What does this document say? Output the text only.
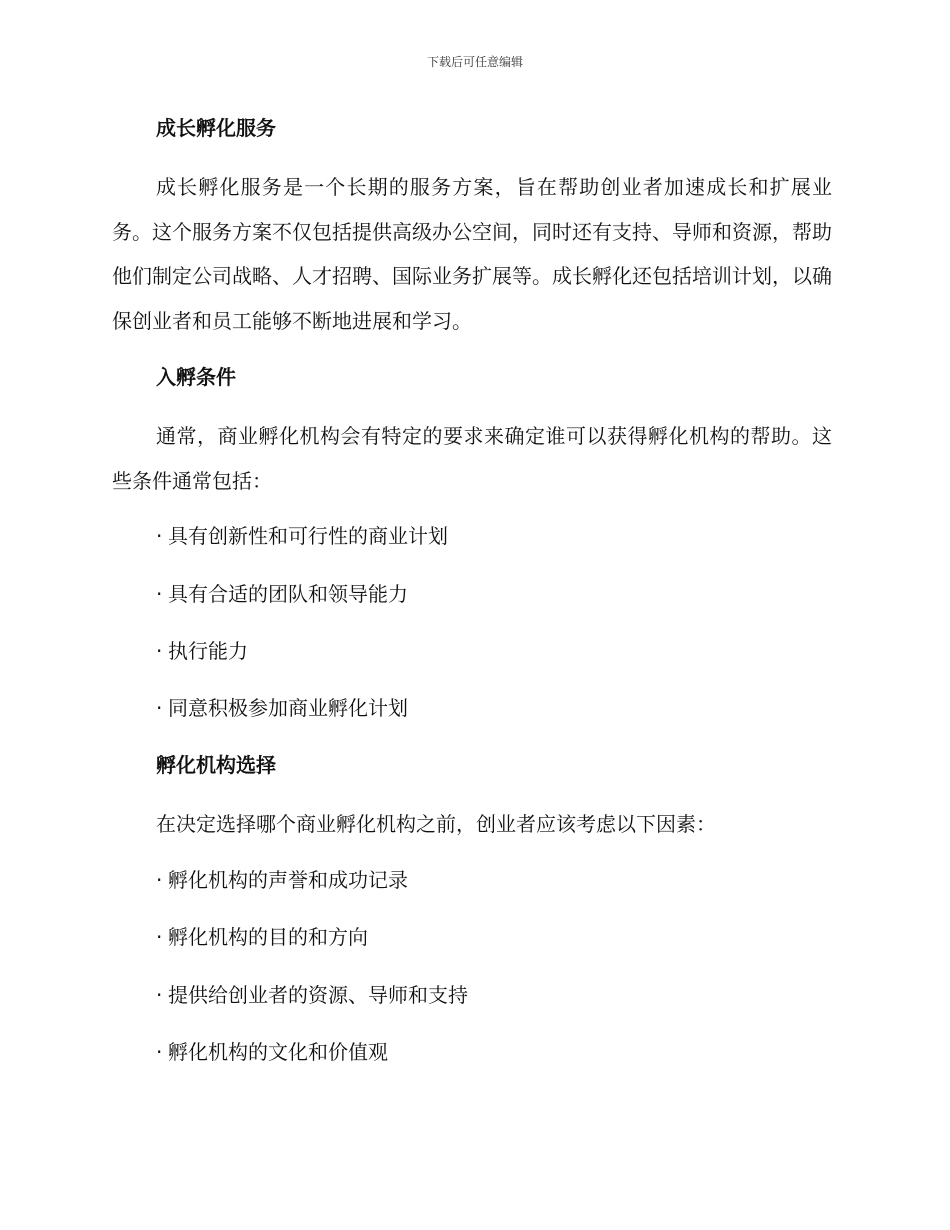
下载后可任意编辑
成长孵化服务

成长孵化服务是一个长期的服务方案，旨在帮助创业者加速成长和扩展业务。这个服务方案不仅包括提供高级办公空间，同时还有支持、导师和资源，帮助他们制定公司战略、人才招聘、国际业务扩展等。成长孵化还包括培训计划，以确保创业者和员工能够不断地进展和学习。

入孵条件

通常，商业孵化机构会有特定的要求来确定谁可以获得孵化机构的帮助。这些条件通常包括：

· 具有创新性和可行性的商业计划
· 具有合适的团队和领导能力
· 执行能力
· 同意积极参加商业孵化计划
孵化机构选择

在决定选择哪个商业孵化机构之前，创业者应该考虑以下因素：

· 孵化机构的声誉和成功记录
· 孵化机构的目的和方向
· 提供给创业者的资源、导师和支持
· 孵化机构的文化和价值观
